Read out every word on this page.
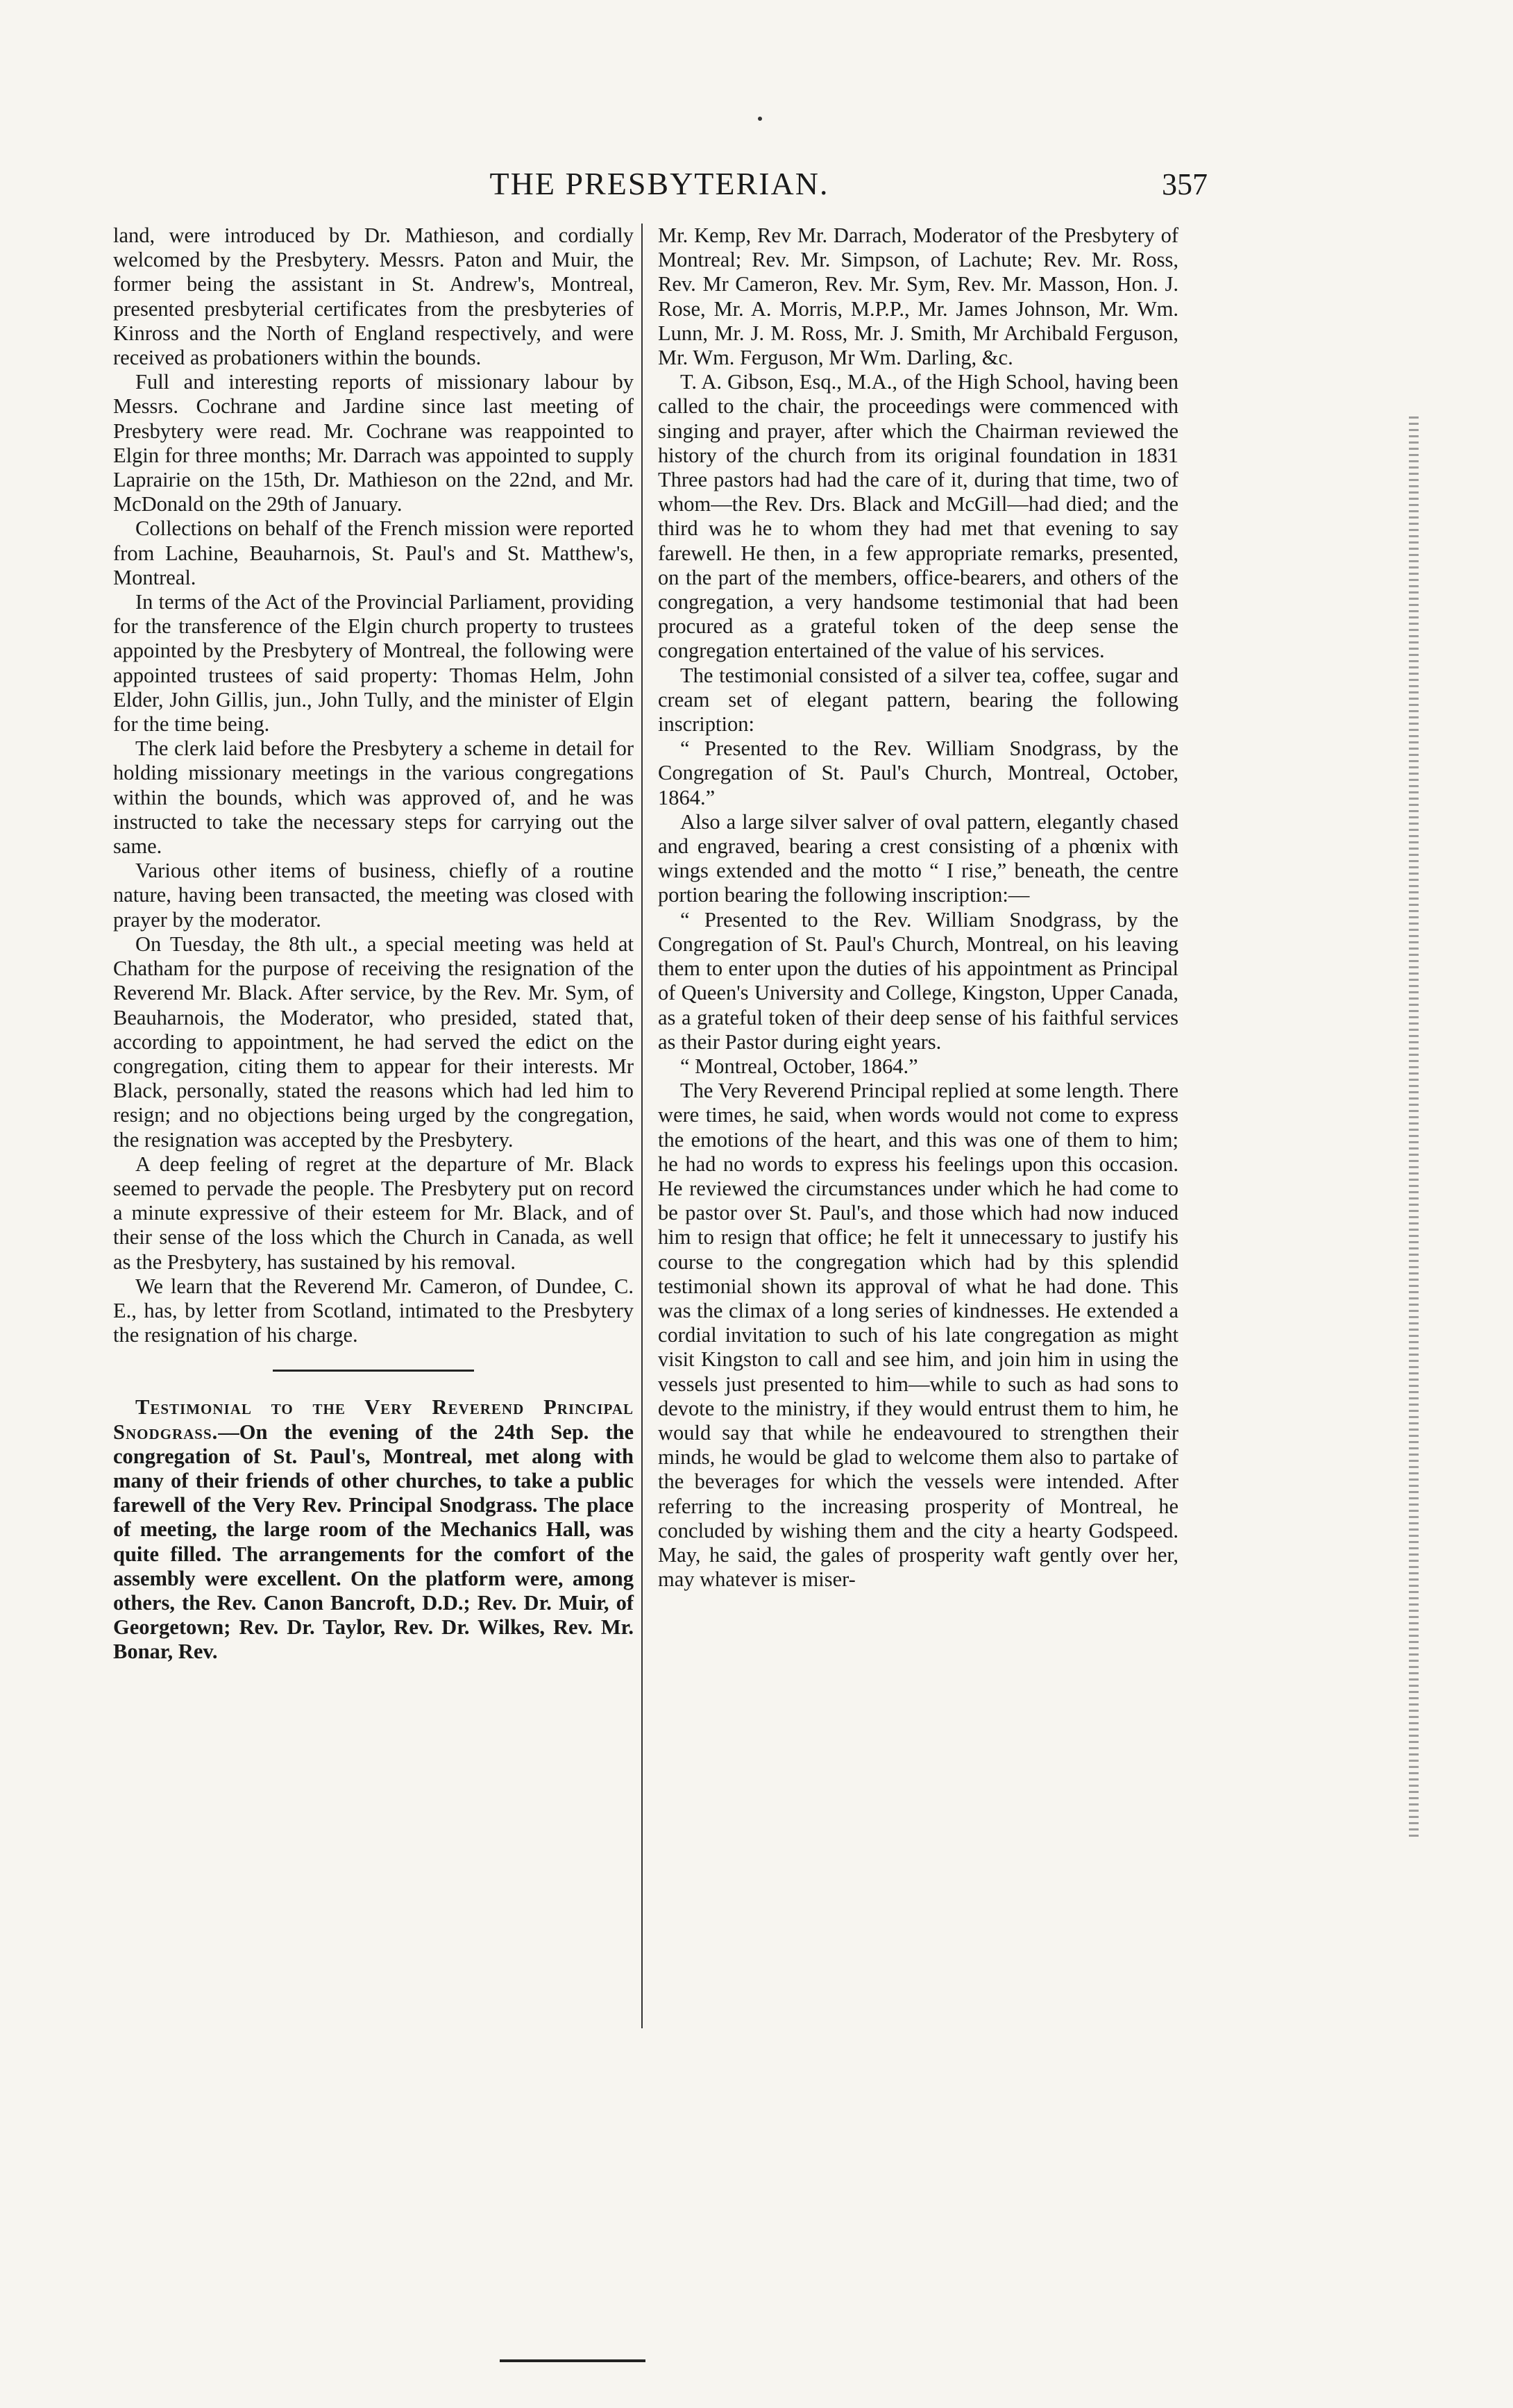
THE PRESBYTERIAN.	357

land, were introduced by Dr. Mathieson, and cordially welcomed by the Presbytery. Messrs. Paton and Muir, the former being the assistant in St. Andrew's, Montreal, presented presbyterial certificates from the presbyteries of Kinross and the North of England respectively, and were received as probationers within the bounds.

Full and interesting reports of missionary labour by Messrs. Cochrane and Jardine since last meeting of Presbytery were read. Mr. Cochrane was reappointed to Elgin for three months; Mr. Darrach was appointed to supply Laprairie on the 15th, Dr. Mathieson on the 22nd, and Mr. McDonald on the 29th of January.

Collections on behalf of the French mission were reported from Lachine, Beauharnois, St. Paul's and St. Matthew's, Montreal.

In terms of the Act of the Provincial Parliament, providing for the transference of the Elgin church property to trustees appointed by the Presbytery of Montreal, the following were appointed trustees of said property: Thomas Helm, John Elder, John Gillis, jun., John Tully, and the minister of Elgin for the time being.

The clerk laid before the Presbytery a scheme in detail for holding missionary meetings in the various congregations within the bounds, which was approved of, and he was instructed to take the necessary steps for carrying out the same.

Various other items of business, chiefly of a routine nature, having been transacted, the meeting was closed with prayer by the moderator.

On Tuesday, the 8th ult., a special meeting was held at Chatham for the purpose of receiving the resignation of the Reverend Mr. Black. After service, by the Rev. Mr. Sym, of Beauharnois, the Moderator, who presided, stated that, according to appointment, he had served the edict on the congregation, citing them to appear for their interests. Mr Black, personally, stated the reasons which had led him to resign; and no objections being urged by the congregation, the resignation was accepted by the Presbytery.

A deep feeling of regret at the departure of Mr. Black seemed to pervade the people. The Presbytery put on record a minute expressive of their esteem for Mr. Black, and of their sense of the loss which the Church in Canada, as well as the Presbytery, has sustained by his removal.

We learn that the Reverend Mr. Cameron, of Dundee, C. E., has, by letter from Scotland, intimated to the Presbytery the resignation of his charge.

Testimonial to the Very Reverend Principal Snodgrass.—On the evening of the 24th Sep. the congregation of St. Paul's, Montreal, met along with many of their friends of other churches, to take a public farewell of the Very Rev. Principal Snodgrass. The place of meeting, the large room of the Mechanics Hall, was quite filled. The arrangements for the comfort of the assembly were excellent. On the platform were, among others, the Rev. Canon Bancroft, D.D.; Rev. Dr. Muir, of Georgetown; Rev. Dr. Taylor, Rev. Dr. Wilkes, Rev. Mr. Bonar, Rev.

Mr. Kemp, Rev Mr. Darrach, Moderator of the Presbytery of Montreal; Rev. Mr. Simpson, of Lachute; Rev. Mr. Ross, Rev. Mr Cameron, Rev. Mr. Sym, Rev. Mr. Masson, Hon. J. Rose, Mr. A. Morris, M.P.P., Mr. James Johnson, Mr. Wm. Lunn, Mr. J. M. Ross, Mr. J. Smith, Mr Archibald Ferguson, Mr. Wm. Ferguson, Mr Wm. Darling, &c.

T. A. Gibson, Esq., M.A., of the High School, having been called to the chair, the proceedings were commenced with singing and prayer, after which the Chairman reviewed the history of the church from its original foundation in 1831 Three pastors had had the care of it, during that time, two of whom—the Rev. Drs. Black and McGill—had died; and the third was he to whom they had met that evening to say farewell. He then, in a few appropriate remarks, presented, on the part of the members, office-bearers, and others of the congregation, a very handsome testimonial that had been procured as a grateful token of the deep sense the congregation entertained of the value of his services.

The testimonial consisted of a silver tea, coffee, sugar and cream set of elegant pattern, bearing the following inscription:

“ Presented to the Rev. William Snodgrass, by the Congregation of St. Paul's Church, Montreal, October, 1864.”

Also a large silver salver of oval pattern, elegantly chased and engraved, bearing a crest consisting of a phœnix with wings extended and the motto “ I rise,” beneath, the centre portion bearing the following inscription:—

“ Presented to the Rev. William Snodgrass, by the Congregation of St. Paul's Church, Montreal, on his leaving them to enter upon the duties of his appointment as Principal of Queen's University and College, Kingston, Upper Canada, as a grateful token of their deep sense of his faithful services as their Pastor during eight years.

“ Montreal, October, 1864.”

The Very Reverend Principal replied at some length. There were times, he said, when words would not come to express the emotions of the heart, and this was one of them to him; he had no words to express his feelings upon this occasion. He reviewed the circumstances under which he had come to be pastor over St. Paul's, and those which had now induced him to resign that office; he felt it unnecessary to justify his course to the congregation which had by this splendid testimonial shown its approval of what he had done. This was the climax of a long series of kindnesses. He extended a cordial invitation to such of his late congregation as might visit Kingston to call and see him, and join him in using the vessels just presented to him—while to such as had sons to devote to the ministry, if they would entrust them to him, he would say that while he endeavoured to strengthen their minds, he would be glad to welcome them also to partake of the beverages for which the vessels were intended. After referring to the increasing prosperity of Montreal, he concluded by wishing them and the city a hearty Godspeed. May, he said, the gales of prosperity waft gently over her, may whatever is miser-
